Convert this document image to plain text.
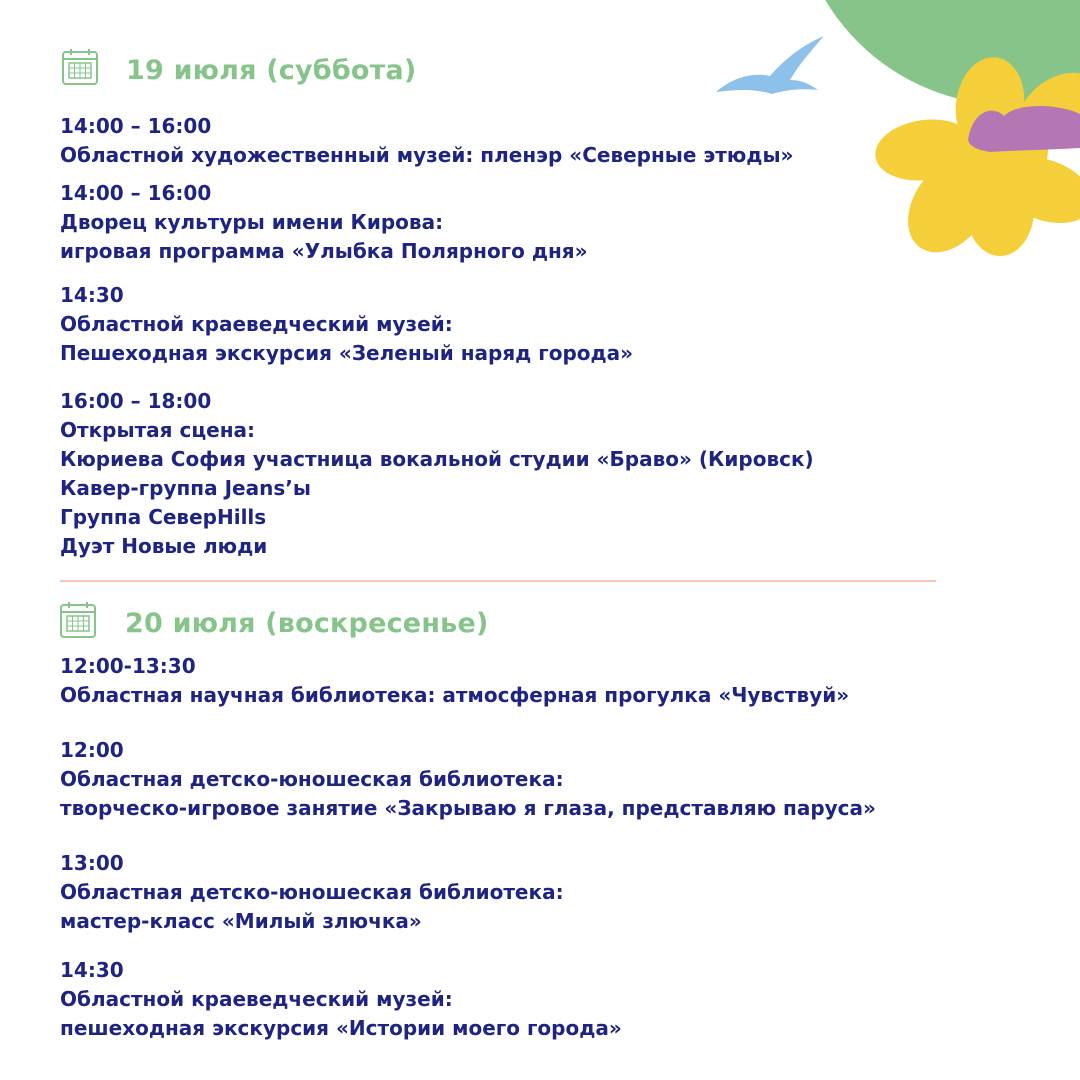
19 июля (суббота)
14:00 – 16:00
Областной художественный музей: пленэр «Северные этюды»
14:00 – 16:00
Дворец культуры имени Кирова:
игровая программа «Улыбка Полярного дня»
14:30
Областной краеведческий музей:
Пешеходная экскурсия «Зеленый наряд города»
16:00 – 18:00
Открытая сцена:
Кюриева София участница вокальной студии «Браво» (Кировск)
Кавер-группа Jeans’ы
Группа СеверHills
Дуэт Новые люди
20 июля (воскресенье)
12:00-13:30
Областная научная библиотека: атмосферная прогулка «Чувствуй»
12:00
Областная детско-юношеская библиотека:
творческо-игровое занятие «Закрываю я глаза, представляю паруса»
13:00
Областная детско-юношеская библиотека:
мастер-класс «Милый злючка»
14:30
Областной краеведческий музей:
пешеходная экскурсия «Истории моего города»
